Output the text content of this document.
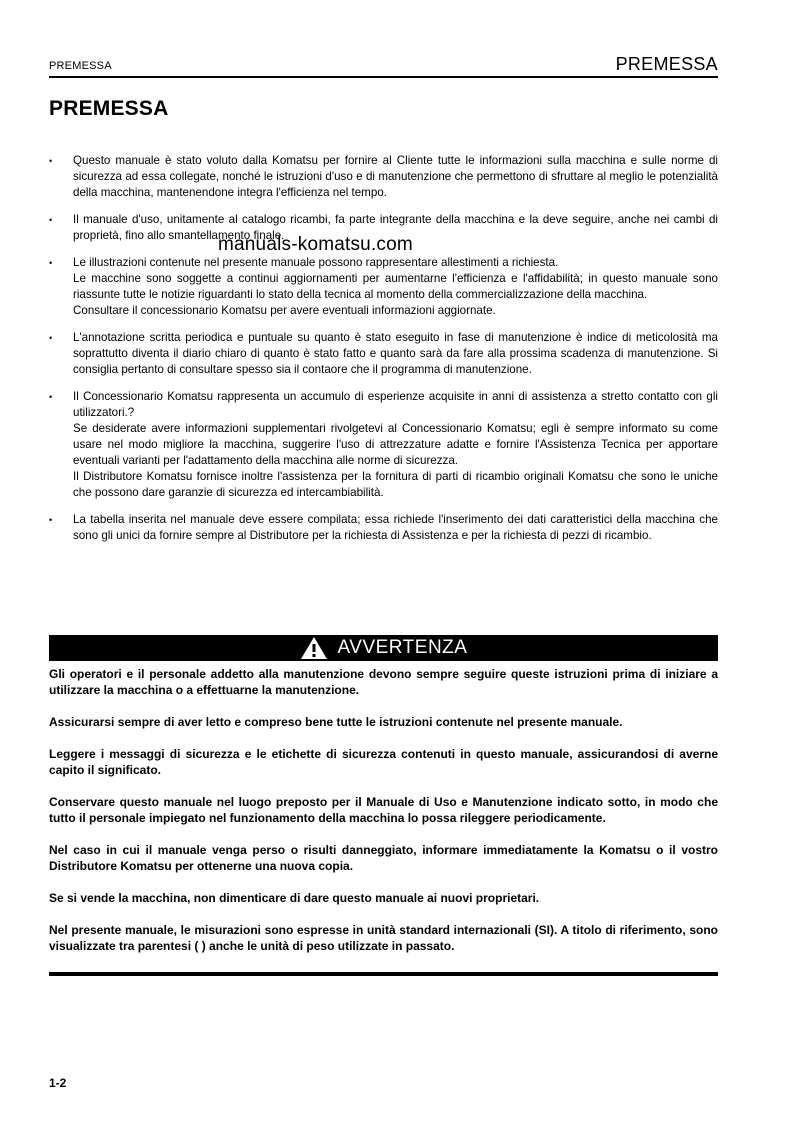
PREMESSA	PREMESSA
PREMESSA

• Questo manuale è stato voluto dalla Komatsu per fornire al Cliente tutte le informazioni sulla macchina e sulle norme di sicurezza ad essa collegate, nonché le istruzioni d'uso e di manutenzione che permettono di sfruttare al meglio le potenzialità della macchina, mantenendone integra l'efficienza nel tempo.

• Il manuale d'uso, unitamente al catalogo ricambi, fa parte integrante della macchina e la deve seguire, anche nei cambi di proprietà, fino allo smantellamento finale.

• Le illustrazioni contenute nel presente manuale possono rappresentare allestimenti a richiesta.

Le macchine sono soggette a continui aggiornamenti per aumentarne l'efficienza e l'affidabilità; in questo manuale sono riassunte tutte le notizie riguardanti lo stato della tecnica al momento della commercializzazione della macchina.

Consultare il concessionario Komatsu per avere eventuali informazioni aggiornate.

• L'annotazione scritta periodica e puntuale su quanto è stato eseguito in fase di manutenzione è indice di meticolosità ma soprattutto diventa il diario chiaro di quanto è stato fatto e quanto sarà da fare alla prossima scadenza di manutenzione. Si consiglia pertanto di consultare spesso sia il contaore che il programma di manutenzione.

• Il Concessionario Komatsu rappresenta un accumulo di esperienze acquisite in anni di assistenza a stretto contatto con gli utilizzatori.?

Se desiderate avere informazioni supplementari rivolgetevi al Concessionario Komatsu; egli è sempre informato su come usare nel modo migliore la macchina, suggerire l'uso di attrezzature adatte e fornire l'Assistenza Tecnica per apportare eventuali varianti per l'adattamento della macchina alle norme di sicurezza.

Il Distributore Komatsu fornisce inoltre l'assistenza per la fornitura di parti di ricambio originali Komatsu che sono le uniche che possono dare garanzie di sicurezza ed intercambiabilità.

• La tabella inserita nel manuale deve essere compilata; essa richiede l'inserimento dei dati caratteristici della macchina che sono gli unici da fornire sempre al Distributore per la richiesta di Assistenza e per la richiesta di pezzi di ricambio.

manuals-komatsu.com
AVVERTENZA

Gli operatori e il personale addetto alla manutenzione devono sempre seguire queste istruzioni prima di iniziare a utilizzare la macchina o a effettuarne la manutenzione.

Assicurarsi sempre di aver letto e compreso bene tutte le istruzioni contenute nel presente manuale.

Leggere i messaggi di sicurezza e le etichette di sicurezza contenuti in questo manuale, assicurandosi di averne capito il significato.

Conservare questo manuale nel luogo preposto per il Manuale di Uso e Manutenzione indicato sotto, in modo che tutto il personale impiegato nel funzionamento della macchina lo possa rileggere periodicamente.

Nel caso in cui il manuale venga perso o risulti danneggiato, informare immediatamente la Komatsu o il vostro Distributore Komatsu per ottenerne una nuova copia.

Se si vende la macchina, non dimenticare di dare questo manuale ai nuovi proprietari.

Nel presente manuale, le misurazioni sono espresse in unità standard internazionali (SI). A titolo di riferimento, sono visualizzate tra parentesi ( ) anche le unità di peso utilizzate in passato.

1-2
